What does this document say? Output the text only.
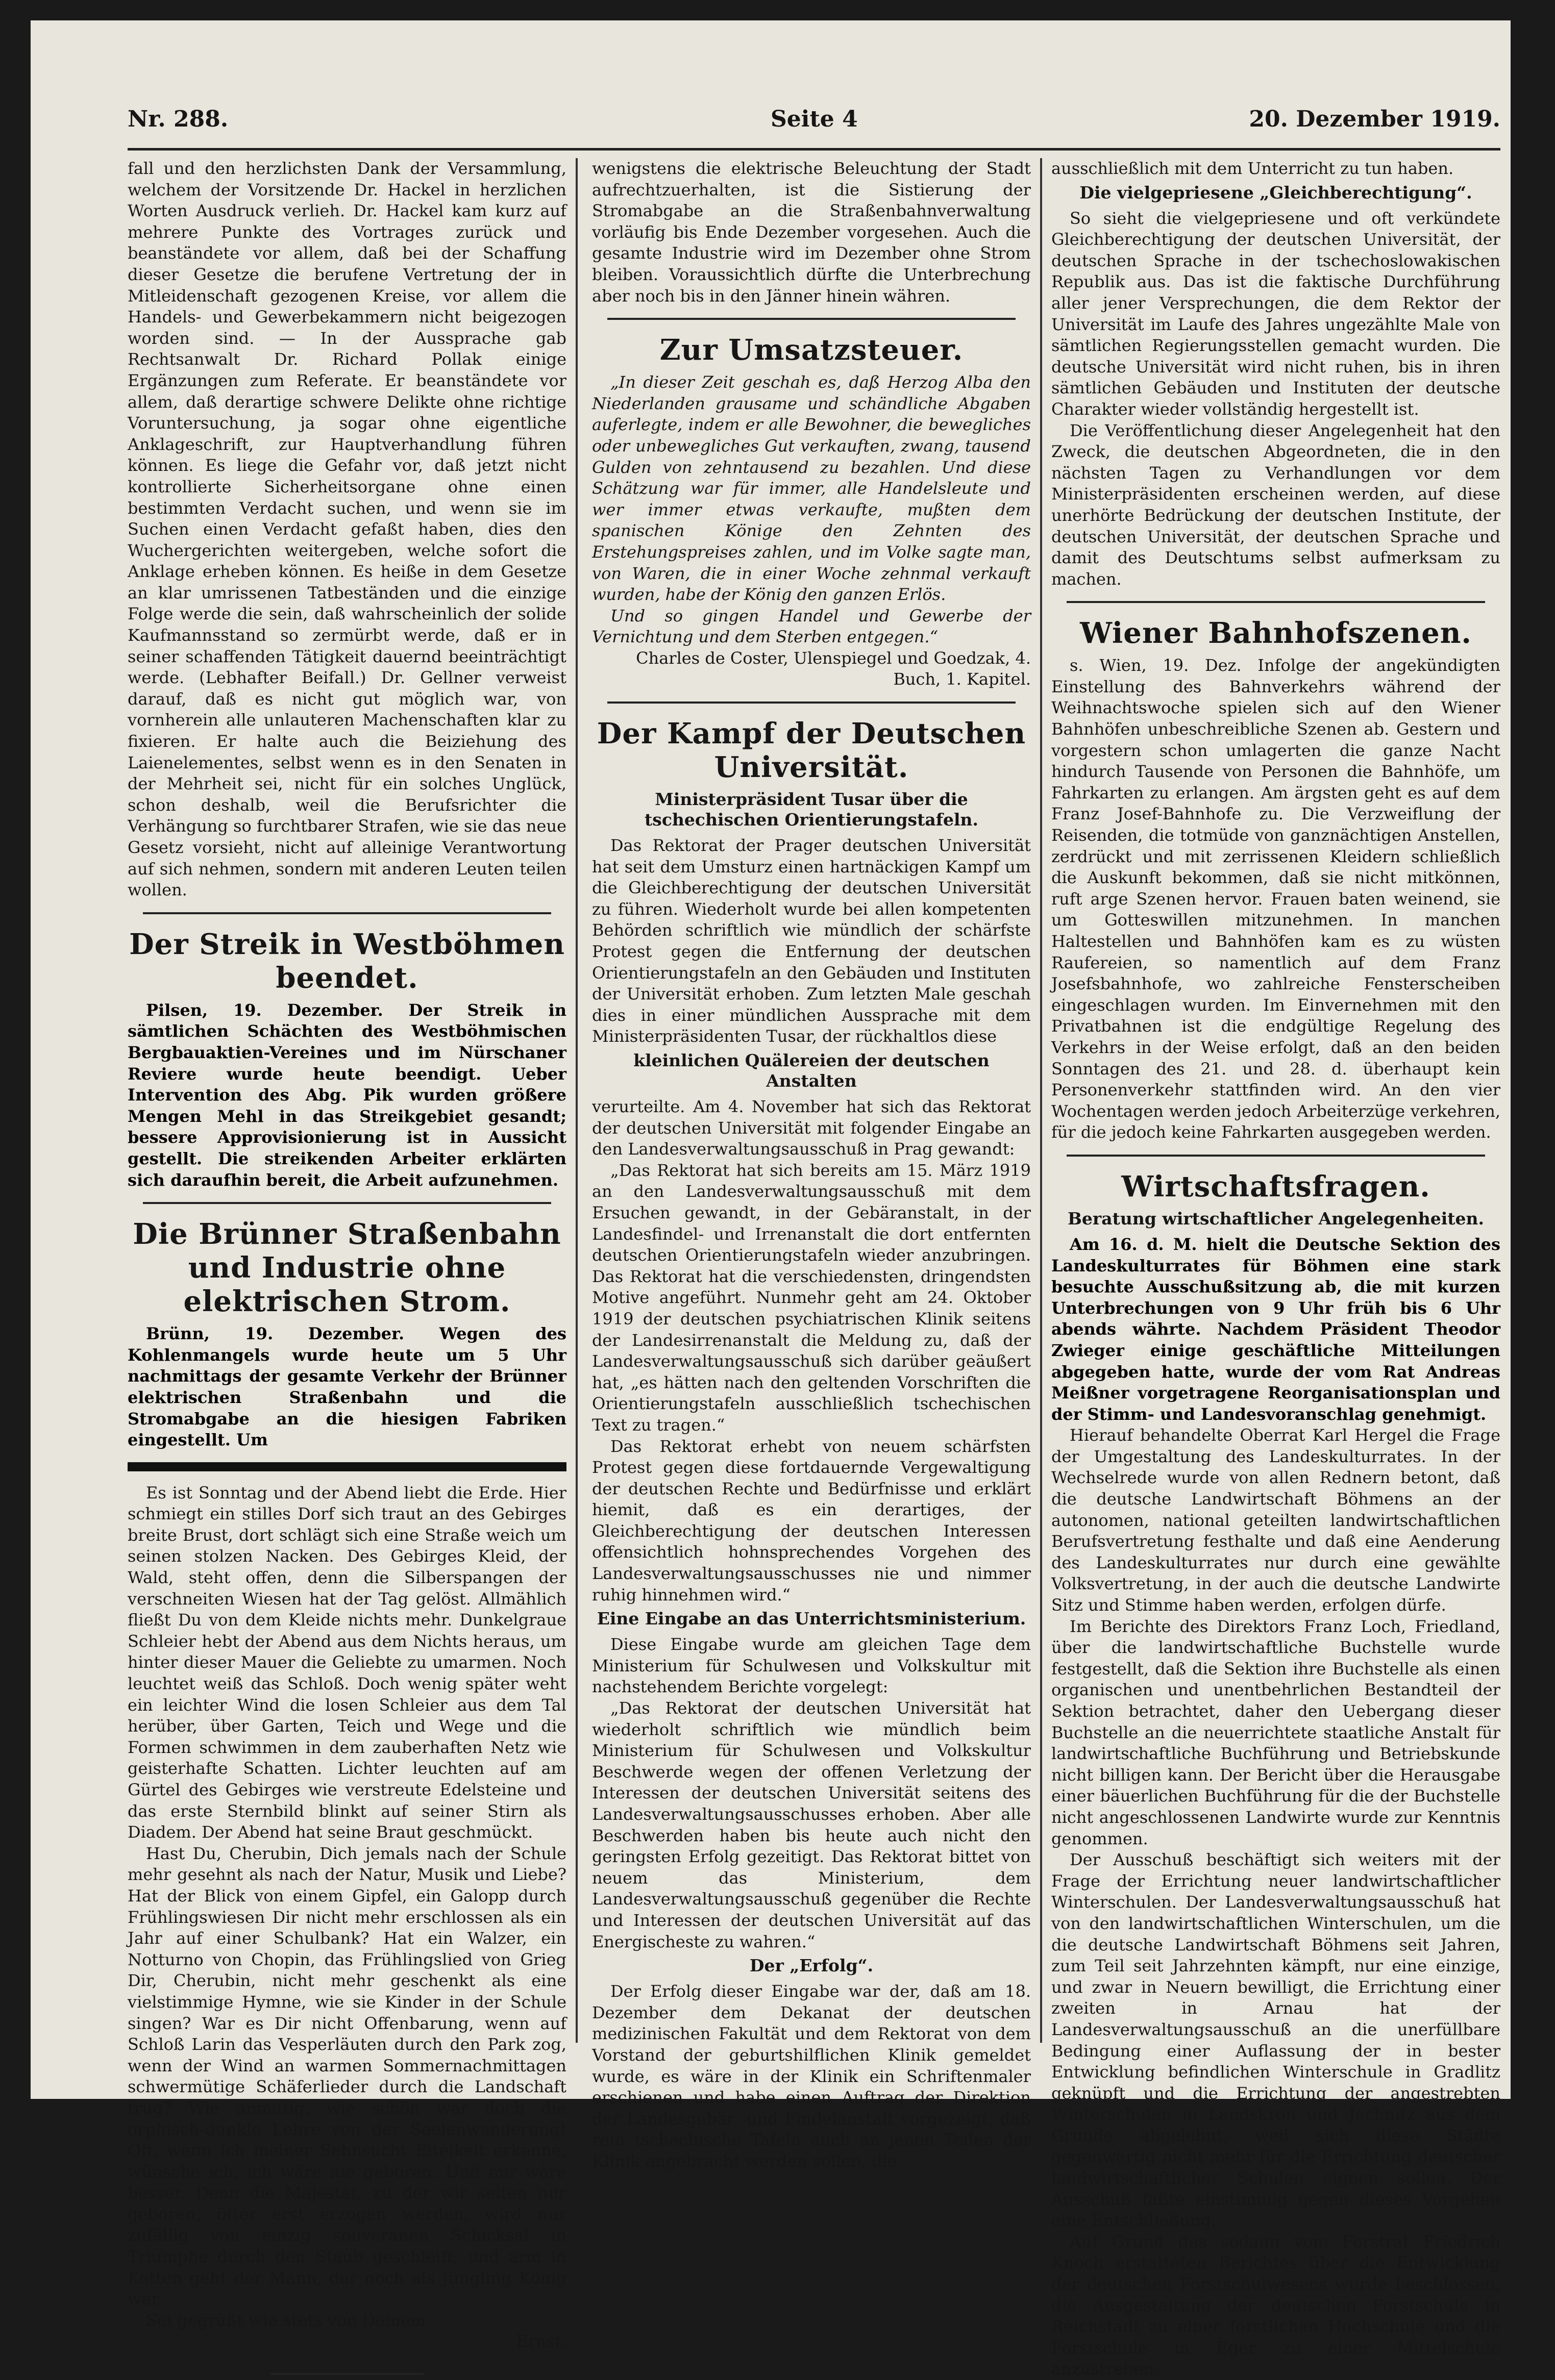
Nr. 288.	Seite 4	20. Dezember 1919.

fall und den herzlichsten Dank der Versammlung, welchem der Vorsitzende Dr. Hackel in herzlichen Worten Ausdruck verlieh. Dr. Hackel kam kurz auf mehrere Punkte des Vortrages zurück und beanständete vor allem, daß bei der Schaffung dieser Gesetze die berufene Vertretung der in Mitleidenschaft gezogenen Kreise, vor allem die Handels- und Gewerbekammern nicht beigezogen worden sind. — In der Aussprache gab Rechtsanwalt Dr. Richard Pollak einige Ergänzungen zum Referate. Er beanständete vor allem, daß derartige schwere Delikte ohne richtige Voruntersuchung, ja sogar ohne eigentliche Anklageschrift, zur Hauptverhandlung führen können. Es liege die Gefahr vor, daß jetzt nicht kontrollierte Sicherheitsorgane ohne einen bestimmten Verdacht suchen, und wenn sie im Suchen einen Verdacht gefaßt haben, dies den Wuchergerichten weitergeben, welche sofort die Anklage erheben können. Es heiße in dem Gesetze an klar umrissenen Tatbeständen und die einzige Folge werde die sein, daß wahrscheinlich der solide Kaufmannsstand so zermürbt werde, daß er in seiner schaffenden Tätigkeit dauernd beeinträchtigt werde. (Lebhafter Beifall.) Dr. Gellner verweist darauf, daß es nicht gut möglich war, von vornherein alle unlauteren Machenschaften klar zu fixieren. Er halte auch die Beiziehung des Laienelementes, selbst wenn es in den Senaten in der Mehrheit sei, nicht für ein solches Unglück, schon deshalb, weil die Berufsrichter die Verhängung so furchtbarer Strafen, wie sie das neue Gesetz vorsieht, nicht auf alleinige Verantwortung auf sich nehmen, sondern mit anderen Leuten teilen wollen.

Der Streik in Westböhmen beendet.

Pilsen, 19. Dezember. Der Streik in sämtlichen Schächten des Westböhmischen Bergbauaktien-Vereines und im Nürschaner Reviere wurde heute beendigt. Ueber Intervention des Abg. Pik wurden größere Mengen Mehl in das Streikgebiet gesandt; bessere Approvisionierung ist in Aussicht gestellt. Die streikenden Arbeiter erklärten sich daraufhin bereit, die Arbeit aufzunehmen.

Die Brünner Straßenbahn und Industrie ohne elektrischen Strom.

Brünn, 19. Dezember. Wegen des Kohlenmangels wurde heute um 5 Uhr nachmittags der gesamte Verkehr der Brünner elektrischen Straßenbahn und die Stromabgabe an die hiesigen Fabriken eingestellt. Um

Es ist Sonntag und der Abend liebt die Erde. Hier schmiegt ein stilles Dorf sich traut an des Gebirges breite Brust, dort schlägt sich eine Straße weich um seinen stolzen Nacken. Des Gebirges Kleid, der Wald, steht offen, denn die Silberspangen der verschneiten Wiesen hat der Tag gelöst. Allmählich fließt Du von dem Kleide nichts mehr. Dunkelgraue Schleier hebt der Abend aus dem Nichts heraus, um hinter dieser Mauer die Geliebte zu umarmen. Noch leuchtet weiß das Schloß. Doch wenig später weht ein leichter Wind die losen Schleier aus dem Tal herüber, über Garten, Teich und Wege und die Formen schwimmen in dem zauberhaften Netz wie geisterhafte Schatten. Lichter leuchten auf am Gürtel des Gebirges wie verstreute Edelsteine und das erste Sternbild blinkt auf seiner Stirn als Diadem. Der Abend hat seine Braut geschmückt.

Hast Du, Cherubin, Dich jemals nach der Schule mehr gesehnt als nach der Natur, Musik und Liebe? Hat der Blick von einem Gipfel, ein Galopp durch Frühlingswiesen Dir nicht mehr erschlossen als ein Jahr auf einer Schulbank? Hat ein Walzer, ein Notturno von Chopin, das Frühlingslied von Grieg Dir, Cherubin, nicht mehr geschenkt als eine vielstimmige Hymne, wie sie Kinder in der Schule singen? War es Dir nicht Offenbarung, wenn auf Schloß Larin das Vesperläuten durch den Park zog, wenn der Wind an warmen Sommernachmittagen schwermütige Schäferlieder durch die Landschaft trug? Wie anmutig, wie schön war doch die orphisch-dunkle Lehre von der Seelenwanderung! Oft, wenn ich meiner Sehnsucht Eitelkeit erkenne, wünsche ich, ich wäre nie geboren. Und mir wäre besser. Denn die Majestät, zu der wir selten nur geboren, öfter erst erzogen werden, wird nur zufällig von einzig souveränen Schicksal in Triumphe durch den Staub geschleift, und arm in Ketten geht der Mann, der noch als Jüngling König war.

Sei gegrüßt wie stets von Deinem

Ernst.

wenigstens die elektrische Beleuchtung der Stadt aufrechtzuerhalten, ist die Sistierung der Stromabgabe an die Straßenbahnverwaltung vorläufig bis Ende Dezember vorgesehen. Auch die gesamte Industrie wird im Dezember ohne Strom bleiben. Voraussichtlich dürfte die Unterbrechung aber noch bis in den Jänner hinein währen.

Zur Umsatzsteuer.

„In dieser Zeit geschah es, daß Herzog Alba den Niederlanden grausame und schändliche Abgaben auferlegte, indem er alle Bewohner, die bewegliches oder unbewegliches Gut verkauften, zwang, tausend Gulden von zehntausend zu bezahlen. Und diese Schätzung war für immer, alle Handelsleute und wer immer etwas verkaufte, mußten dem spanischen Könige den Zehnten des Erstehungspreises zahlen, und im Volke sagte man, von Waren, die in einer Woche zehnmal verkauft wurden, habe der König den ganzen Erlös.

Und so gingen Handel und Gewerbe der Vernichtung und dem Sterben entgegen.“

Charles de Coster, Ulenspiegel und Goedzak, 4. Buch, 1. Kapitel.

Der Kampf der Deutschen Universität.
Ministerpräsident Tusar über die tschechischen Orientierungstafeln.

Das Rektorat der Prager deutschen Universität hat seit dem Umsturz einen hartnäckigen Kampf um die Gleichberechtigung der deutschen Universität zu führen. Wiederholt wurde bei allen kompetenten Behörden schriftlich wie mündlich der schärfste Protest gegen die Entfernung der deutschen Orientierungstafeln an den Gebäuden und Instituten der Universität erhoben. Zum letzten Male geschah dies in einer mündlichen Aussprache mit dem Ministerpräsidenten Tusar, der rückhaltlos diese

kleinlichen Quälereien der deutschen Anstalten

verurteilte. Am 4. November hat sich das Rektorat der deutschen Universität mit folgender Eingabe an den Landesverwaltungsausschuß in Prag gewandt:

„Das Rektorat hat sich bereits am 15. März 1919 an den Landesverwaltungsausschuß mit dem Ersuchen gewandt, in der Gebäranstalt, in der Landesfindel- und Irrenanstalt die dort entfernten deutschen Orientierungstafeln wieder anzubringen. Das Rektorat hat die verschiedensten, dringendsten Motive angeführt. Nunmehr geht am 24. Oktober 1919 der deutschen psychiatrischen Klinik seitens der Landesirrenanstalt die Meldung zu, daß der Landesverwaltungsausschuß sich darüber geäußert hat, „es hätten nach den geltenden Vorschriften die Orientierungstafeln ausschließlich tschechischen Text zu tragen.“

Das Rektorat erhebt von neuem schärfsten Protest gegen diese fortdauernde Vergewaltigung der deutschen Rechte und Bedürfnisse und erklärt hiemit, daß es ein derartiges, der Gleichberechtigung der deutschen Interessen offensichtlich hohnsprechendes Vorgehen des Landesverwaltungsausschusses nie und nimmer ruhig hinnehmen wird.“

Eine Eingabe an das Unterrichtsministerium.

Diese Eingabe wurde am gleichen Tage dem Ministerium für Schulwesen und Volkskultur mit nachstehendem Berichte vorgelegt:

„Das Rektorat der deutschen Universität hat wiederholt schriftlich wie mündlich beim Ministerium für Schulwesen und Volkskultur Beschwerde wegen der offenen Verletzung der Interessen der deutschen Universität seitens des Landesverwaltungsausschusses erhoben. Aber alle Beschwerden haben bis heute auch nicht den geringsten Erfolg gezeitigt. Das Rektorat bittet von neuem das Ministerium, dem Landesverwaltungsausschuß gegenüber die Rechte und Interessen der deutschen Universität auf das Energischeste zu wahren.“

Der „Erfolg“.

Der Erfolg dieser Eingabe war der, daß am 18. Dezember dem Dekanat der deutschen medizinischen Fakultät und dem Rektorat von dem Vorstand der geburtshilflichen Klinik gemeldet wurde, es wäre in der Klinik ein Schriftenmaler erschienen und habe einen Auftrag der Direktion der Landesgebär- und Findelanstalt vorgezeigt, daß rein tschechische Tafeln auch an jenen Teilen der Klinik angebracht werden sollen, die

ausschließlich mit dem Unterricht zu tun haben.

Die vielgepriesene „Gleichberechtigung“.

So sieht die vielgepriesene und oft verkündete Gleichberechtigung der deutschen Universität, der deutschen Sprache in der tschechoslowakischen Republik aus. Das ist die faktische Durchführung aller jener Versprechungen, die dem Rektor der Universität im Laufe des Jahres ungezählte Male von sämtlichen Regierungsstellen gemacht wurden. Die deutsche Universität wird nicht ruhen, bis in ihren sämtlichen Gebäuden und Instituten der deutsche Charakter wieder vollständig hergestellt ist.

Die Veröffentlichung dieser Angelegenheit hat den Zweck, die deutschen Abgeordneten, die in den nächsten Tagen zu Verhandlungen vor dem Ministerpräsidenten erscheinen werden, auf diese unerhörte Bedrückung der deutschen Institute, der deutschen Universität, der deutschen Sprache und damit des Deutschtums selbst aufmerksam zu machen.

Wiener Bahnhofszenen.

s. Wien, 19. Dez. Infolge der angekündigten Einstellung des Bahnverkehrs während der Weihnachtswoche spielen sich auf den Wiener Bahnhöfen unbeschreibliche Szenen ab. Gestern und vorgestern schon umlagerten die ganze Nacht hindurch Tausende von Personen die Bahnhöfe, um Fahrkarten zu erlangen. Am ärgsten geht es auf dem Franz Josef-Bahnhofe zu. Die Verzweiflung der Reisenden, die totmüde von ganznächtigen Anstellen, zerdrückt und mit zerrissenen Kleidern schließlich die Auskunft bekommen, daß sie nicht mitkönnen, ruft arge Szenen hervor. Frauen baten weinend, sie um Gotteswillen mitzunehmen. In manchen Haltestellen und Bahnhöfen kam es zu wüsten Raufereien, so namentlich auf dem Franz Josefsbahnhofe, wo zahlreiche Fensterscheiben eingeschlagen wurden. Im Einvernehmen mit den Privatbahnen ist die endgültige Regelung des Verkehrs in der Weise erfolgt, daß an den beiden Sonntagen des 21. und 28. d. überhaupt kein Personenverkehr stattfinden wird. An den vier Wochentagen werden jedoch Arbeiterzüge verkehren, für die jedoch keine Fahrkarten ausgegeben werden.

Wirtschaftsfragen.
Beratung wirtschaftlicher Angelegenheiten.

Am 16. d. M. hielt die Deutsche Sektion des Landeskulturrates für Böhmen eine stark besuchte Ausschußsitzung ab, die mit kurzen Unterbrechungen von 9 Uhr früh bis 6 Uhr abends währte. Nachdem Präsident Theodor Zwieger einige geschäftliche Mitteilungen abgegeben hatte, wurde der vom Rat Andreas Meißner vorgetragene Reorganisationsplan und der Stimm- und Landesvoranschlag genehmigt.

Hierauf behandelte Oberrat Karl Hergel die Frage der Umgestaltung des Landeskulturrates. In der Wechselrede wurde von allen Rednern betont, daß die deutsche Landwirtschaft Böhmens an der autonomen, national geteilten landwirtschaftlichen Berufsvertretung festhalte und daß eine Aenderung des Landeskulturrates nur durch eine gewählte Volksvertretung, in der auch die deutsche Landwirte Sitz und Stimme haben werden, erfolgen dürfe.

Im Berichte des Direktors Franz Loch, Friedland, über die landwirtschaftliche Buchstelle wurde festgestellt, daß die Sektion ihre Buchstelle als einen organischen und unentbehrlichen Bestandteil der Sektion betrachtet, daher den Uebergang dieser Buchstelle an die neuerrichtete staatliche Anstalt für landwirtschaftliche Buchführung und Betriebskunde nicht billigen kann. Der Bericht über die Herausgabe einer bäuerlichen Buchführung für die der Buchstelle nicht angeschlossenen Landwirte wurde zur Kenntnis genommen.

Der Ausschuß beschäftigt sich weiters mit der Frage der Errichtung neuer landwirtschaftlicher Winterschulen. Der Landesverwaltungsausschuß hat von den landwirtschaftlichen Winterschulen, um die die deutsche Landwirtschaft Böhmens seit Jahren, zum Teil seit Jahrzehnten kämpft, nur eine einzige, und zwar in Neuern bewilligt, die Errichtung einer zweiten in Arnau hat der Landesverwaltungsausschuß an die unerfüllbare Bedingung einer Auflassung der in bester Entwicklung befindlichen Winterschule in Gradlitz geknüpft und die Errichtung der angestrebten Winterschulen in Landskron und Jechnitz aus dem Grunde abgelehnt, weil sich diese Städte gegenwärtig nicht mehr für die Errichtung deutscher landwirtschaftlicher Schulen eignen sollen. Der Ausschuß faßte einstimmig gegen dieses Vorgehen eine Entschließung.

Auf Grund des sodann vom Forstrat Friedrich Knoch erstatteten Berichtes über die Entwicklung der deutschen Forstschulwesens wurde beschlossen, die Ausgestaltung der deutschen Forstschule in Reichstadt zu einer forstlichen Hochschule und die Forstschule in Eger zu einer Mittelschule anzustreben.
